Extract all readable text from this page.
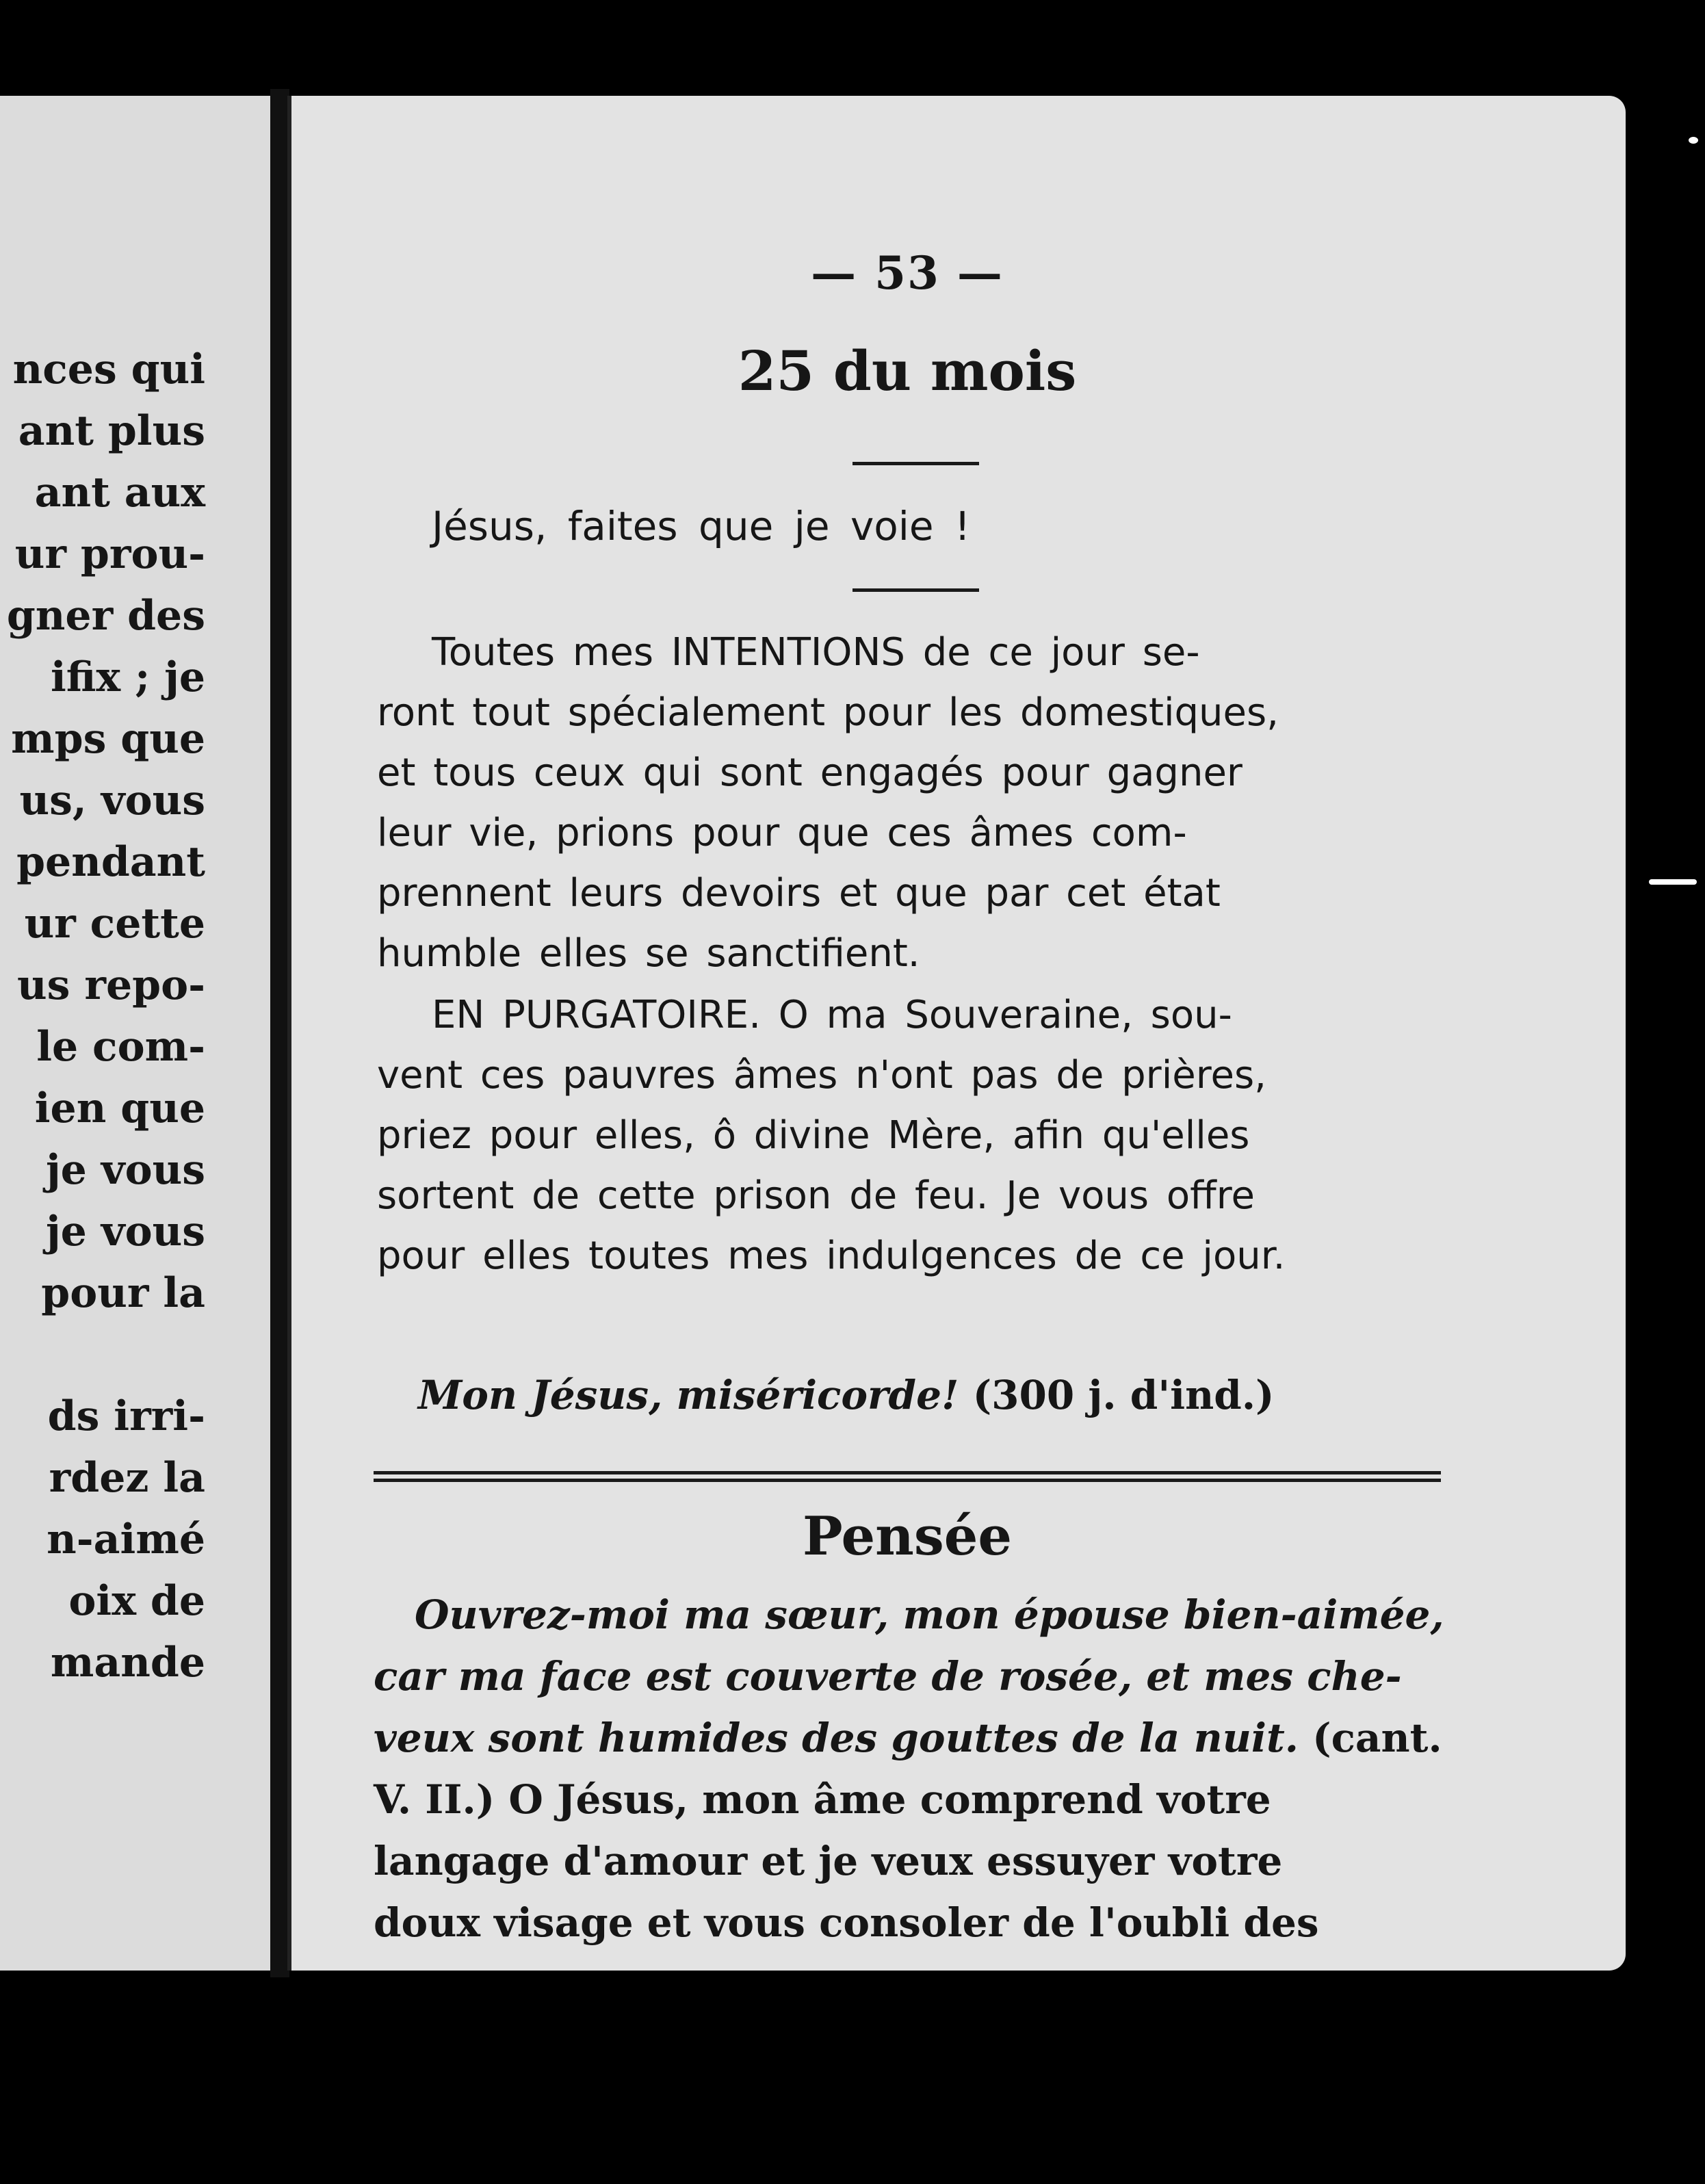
nces qui
ant plus
ant aux
ur prou-
gner des
ifix ; je
mps que
us, vous
pendant
ur cette
us repo-
le com-
ien que
je vous
je vous
pour la
ds irri-
rdez la
n-aimé
oix de
mande
— 53 —
25 du mois
Jésus, faites que je voie !
Toutes mes INTENTIONS de ce jour se-
ront tout spécialement pour les domestiques,
et tous ceux qui sont engagés pour gagner
leur vie, prions pour que ces âmes com-
prennent leurs devoirs et que par cet état
humble elles se sanctifient.
EN PURGATOIRE. O ma Souveraine, sou-
vent ces pauvres âmes n'ont pas de prières,
priez pour elles, ô divine Mère, afin qu'elles
sortent de cette prison de feu. Je vous offre
pour elles toutes mes indulgences de ce jour.
Mon Jésus, miséricorde! (300 j. d'ind.)
Pensée
Ouvrez-moi ma sœur, mon épouse bien-aimée,
car ma face est couverte de rosée, et mes che-
veux sont humides des gouttes de la nuit. (cant.
V. II.) O Jésus, mon âme comprend votre
langage d'amour et je veux essuyer votre
doux visage et vous consoler de l'oubli des
